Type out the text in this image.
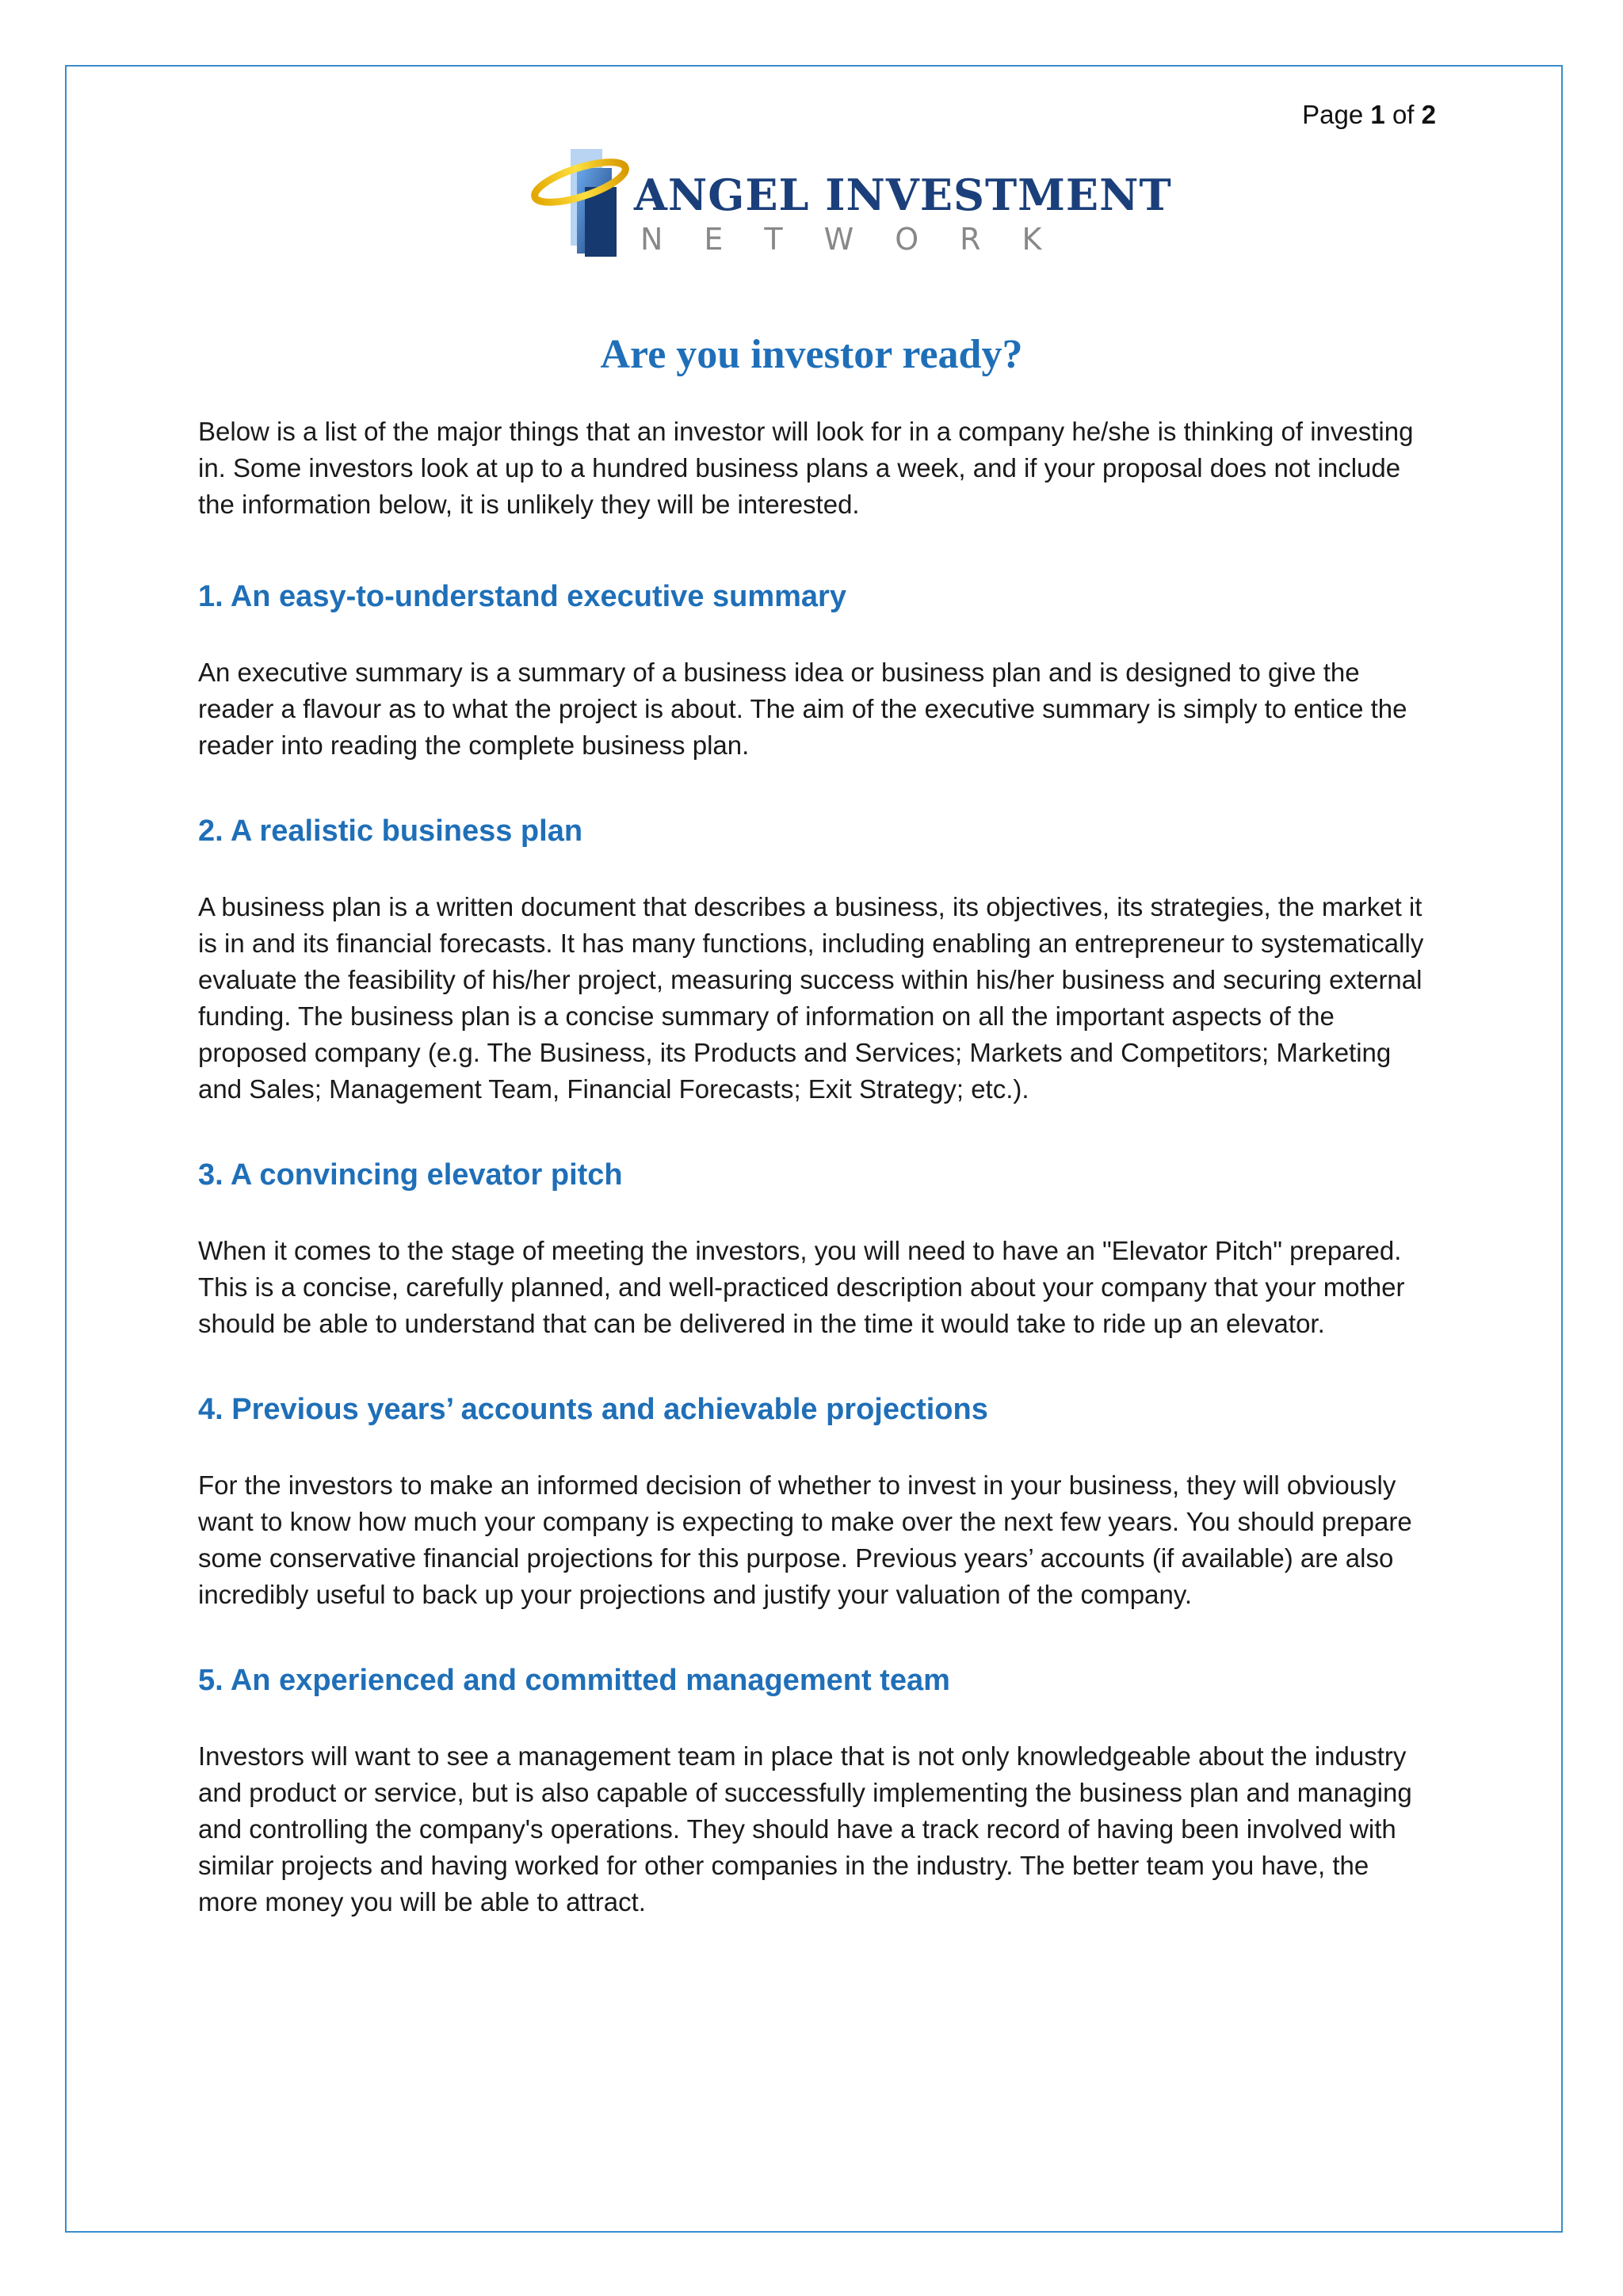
Page 1 of 2
ANGEL INVESTMENT
NETWORK
Are you investor ready?

Below is a list of the major things that an investor will look for in a company he/she is thinking of investing in. Some investors look at up to a hundred business plans a week, and if your proposal does not include the information below, it is unlikely they will be interested.

1. An easy-to-understand executive summary

An executive summary is a summary of a business idea or business plan and is designed to give the reader a flavour as to what the project is about. The aim of the executive summary is simply to entice the reader into reading the complete business plan.

2. A realistic business plan

A business plan is a written document that describes a business, its objectives, its strategies, the market it is in and its financial forecasts. It has many functions, including enabling an entrepreneur to systematically evaluate the feasibility of his/her project, measuring success within his/her business and securing external funding. The business plan is a concise summary of information on all the important aspects of the proposed company (e.g. The Business, its Products and Services; Markets and Competitors; Marketing and Sales; Management Team, Financial Forecasts; Exit Strategy; etc.).

3. A convincing elevator pitch

When it comes to the stage of meeting the investors, you will need to have an "Elevator Pitch" prepared. This is a concise, carefully planned, and well-practiced description about your company that your mother should be able to understand that can be delivered in the time it would take to ride up an elevator.

4. Previous years’ accounts and achievable projections

For the investors to make an informed decision of whether to invest in your business, they will obviously want to know how much your company is expecting to make over the next few years. You should prepare some conservative financial projections for this purpose. Previous years’ accounts (if available) are also incredibly useful to back up your projections and justify your valuation of the company.

5. An experienced and committed management team

Investors will want to see a management team in place that is not only knowledgeable about the industry and product or service, but is also capable of successfully implementing the business plan and managing and controlling the company's operations. They should have a track record of having been involved with similar projects and having worked for other companies in the industry. The better team you have, the more money you will be able to attract.
